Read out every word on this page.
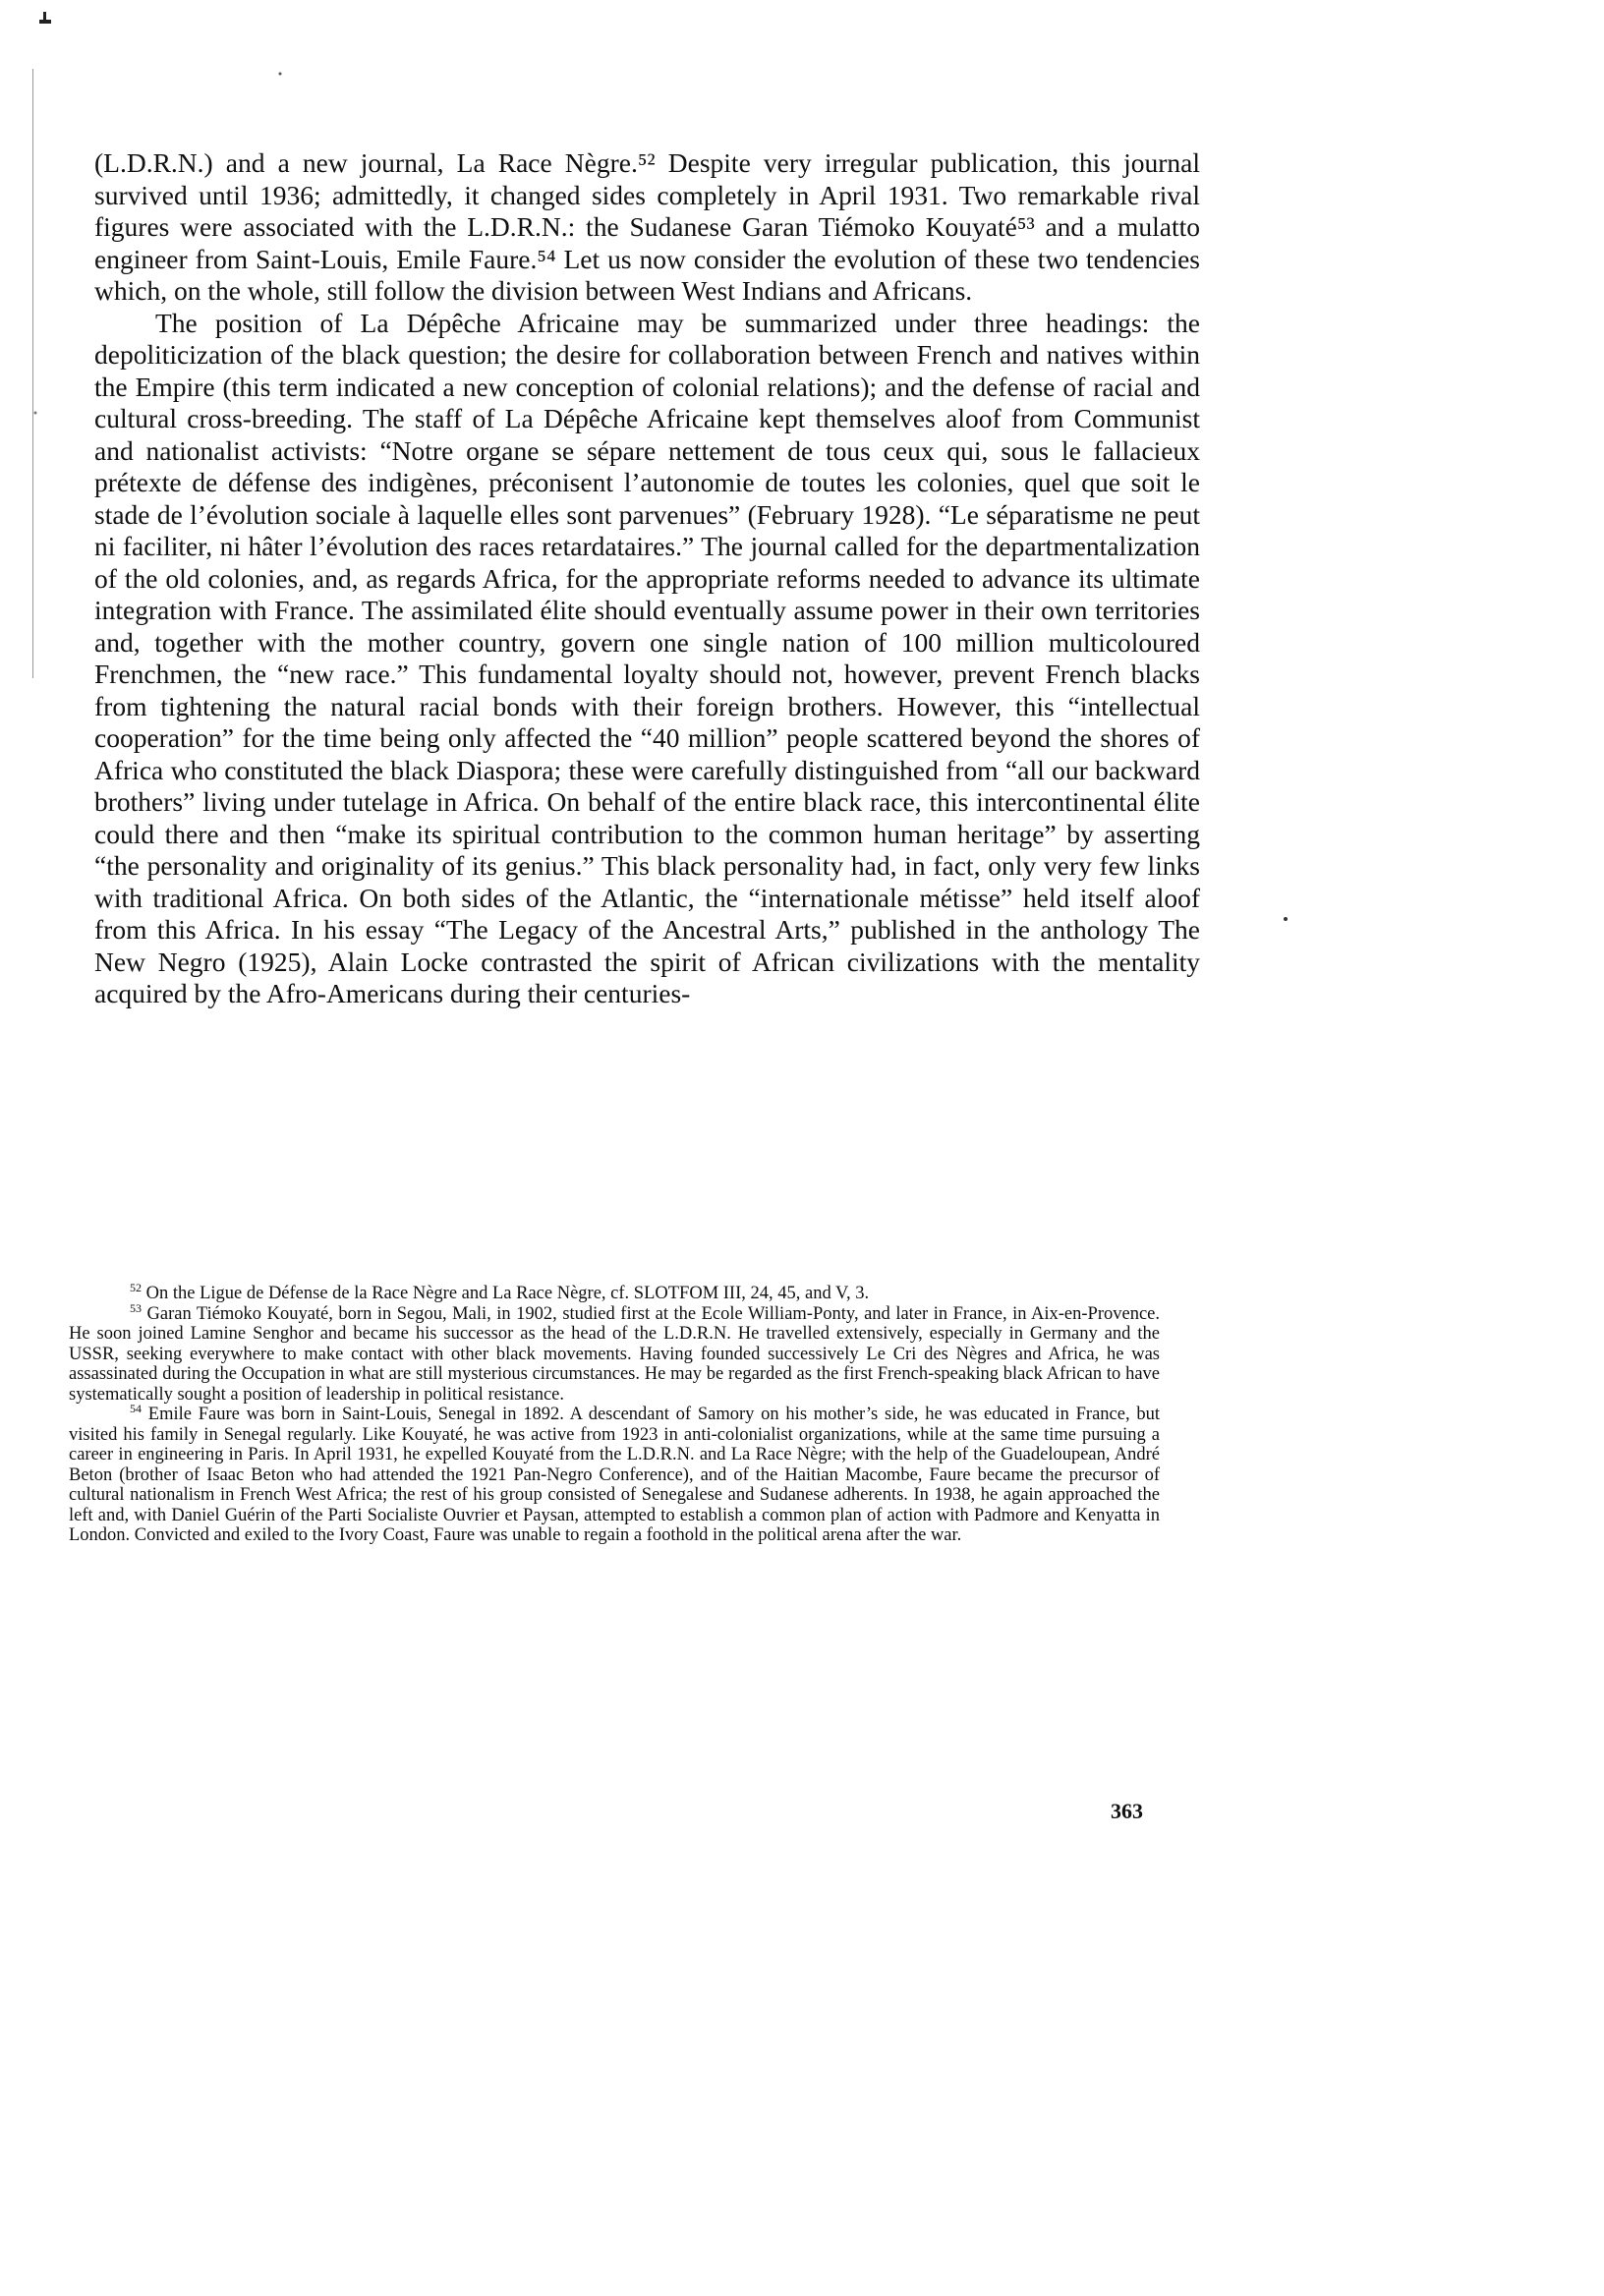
(L.D.R.N.) and a new journal, La Race Nègre.⁵² Despite very irregular publication, this journal survived until 1936; admittedly, it changed sides completely in April 1931. Two remarkable rival figures were associated with the L.D.R.N.: the Sudanese Garan Tiémoko Kouyaté⁵³ and a mulatto engineer from Saint-Louis, Emile Faure.⁵⁴ Let us now consider the evolution of these two tendencies which, on the whole, still follow the division between West Indians and Africans.

The position of La Dépêche Africaine may be summarized under three headings: the depoliticization of the black question; the desire for collaboration between French and natives within the Empire (this term indicated a new conception of colonial relations); and the defense of racial and cultural cross-breeding. The staff of La Dépêche Africaine kept themselves aloof from Communist and nationalist activists: “Notre organe se sépare nettement de tous ceux qui, sous le fallacieux prétexte de défense des indigènes, préconisent l’autonomie de toutes les colonies, quel que soit le stade de l’évolution sociale à laquelle elles sont parvenues” (February 1928). “Le séparatisme ne peut ni faciliter, ni hâter l’évolution des races retardataires.” The journal called for the departmentalization of the old colonies, and, as regards Africa, for the appropriate reforms needed to advance its ultimate integration with France. The assimilated élite should eventually assume power in their own territories and, together with the mother country, govern one single nation of 100 million multicoloured Frenchmen, the “new race.” This fundamental loyalty should not, however, prevent French blacks from tightening the natural racial bonds with their foreign brothers. However, this “intellectual cooperation” for the time being only affected the “40 million” people scattered beyond the shores of Africa who constituted the black Diaspora; these were carefully distinguished from “all our backward brothers” living under tutelage in Africa. On behalf of the entire black race, this intercontinental élite could there and then “make its spiritual contribution to the common human heritage” by asserting “the personality and originality of its genius.” This black personality had, in fact, only very few links with traditional Africa. On both sides of the Atlantic, the “internationale métisse” held itself aloof from this Africa. In his essay “The Legacy of the Ancestral Arts,” published in the anthology The New Negro (1925), Alain Locke contrasted the spirit of African civilizations with the mentality acquired by the Afro-Americans during their centuries-

$^{52}$ On the Ligue de Défense de la Race Nègre and La Race Nègre, cf. SLOTFOM III, 24, 45, and V, 3.

$^{53}$ Garan Tiémoko Kouyaté, born in Segou, Mali, in 1902, studied first at the Ecole William-Ponty, and later in France, in Aix-en-Provence. He soon joined Lamine Senghor and became his successor as the head of the L.D.R.N. He travelled extensively, especially in Germany and the USSR, seeking everywhere to make contact with other black movements. Having founded successively Le Cri des Nègres and Africa, he was assassinated during the Occupation in what are still mysterious circumstances. He may be regarded as the first French-speaking black African to have systematically sought a position of leadership in political resistance.

$^{54}$ Emile Faure was born in Saint-Louis, Senegal in 1892. A descendant of Samory on his mother’s side, he was educated in France, but visited his family in Senegal regularly. Like Kouyaté, he was active from 1923 in anti-colonialist organizations, while at the same time pursuing a career in engineering in Paris. In April 1931, he expelled Kouyaté from the L.D.R.N. and La Race Nègre; with the help of the Guadeloupean, André Beton (brother of Isaac Beton who had attended the 1921 Pan-Negro Conference), and of the Haitian Macombe, Faure became the precursor of cultural nationalism in French West Africa; the rest of his group consisted of Senegalese and Sudanese adherents. In 1938, he again approached the left and, with Daniel Guérin of the Parti Socialiste Ouvrier et Paysan, attempted to establish a common plan of action with Padmore and Kenyatta in London. Convicted and exiled to the Ivory Coast, Faure was unable to regain a foothold in the political arena after the war.

363
